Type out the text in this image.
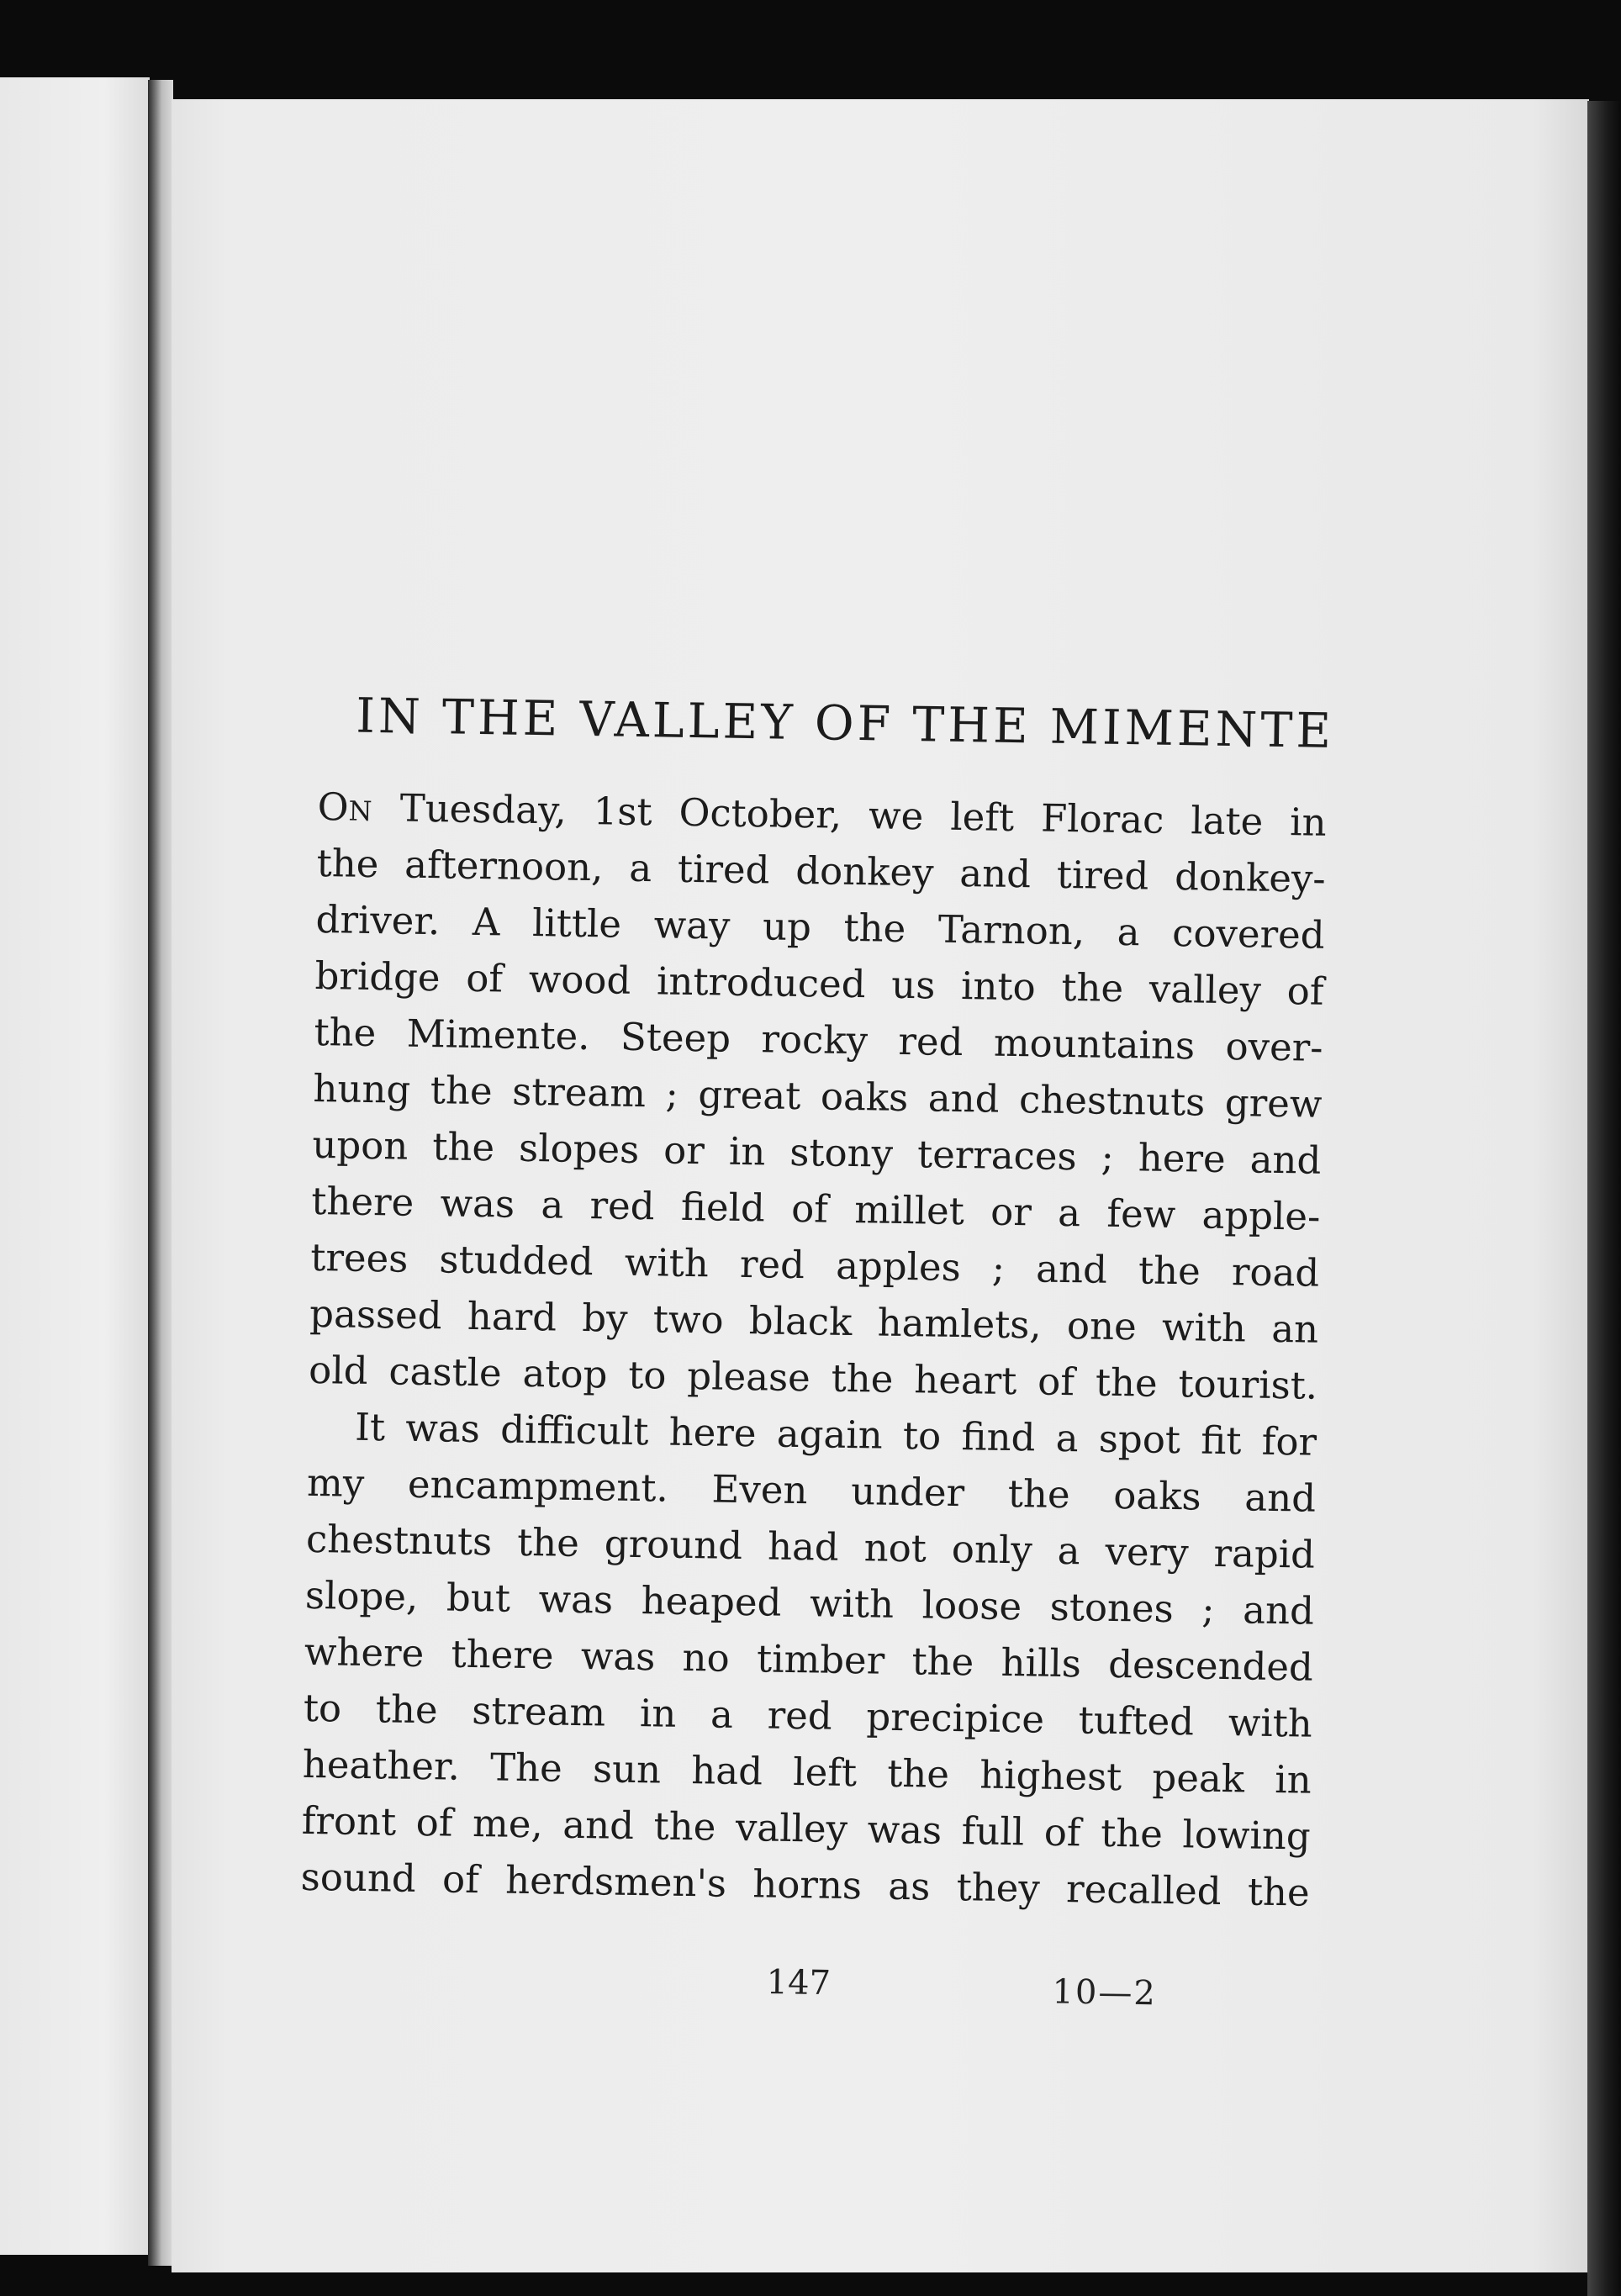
IN THE VALLEY OF THE MIMENTE
ON Tuesday, 1st October, we left Florac late in
the afternoon, a tired donkey and tired donkey-
driver. A little way up the Tarnon, a covered
bridge of wood introduced us into the valley of
the Mimente. Steep rocky red mountains over-
hung the stream ; great oaks and chestnuts grew
upon the slopes or in stony terraces ; here and
there was a red field of millet or a few apple-
trees studded with red apples ; and the road
passed hard by two black hamlets, one with an
old castle atop to please the heart of the tourist.
It was difficult here again to find a spot fit for
my encampment. Even under the oaks and
chestnuts the ground had not only a very rapid
slope, but was heaped with loose stones ; and
where there was no timber the hills descended
to the stream in a red precipice tufted with
heather. The sun had left the highest peak in
front of me, and the valley was full of the lowing
sound of herdsmen's horns as they recalled the
147	10—2
